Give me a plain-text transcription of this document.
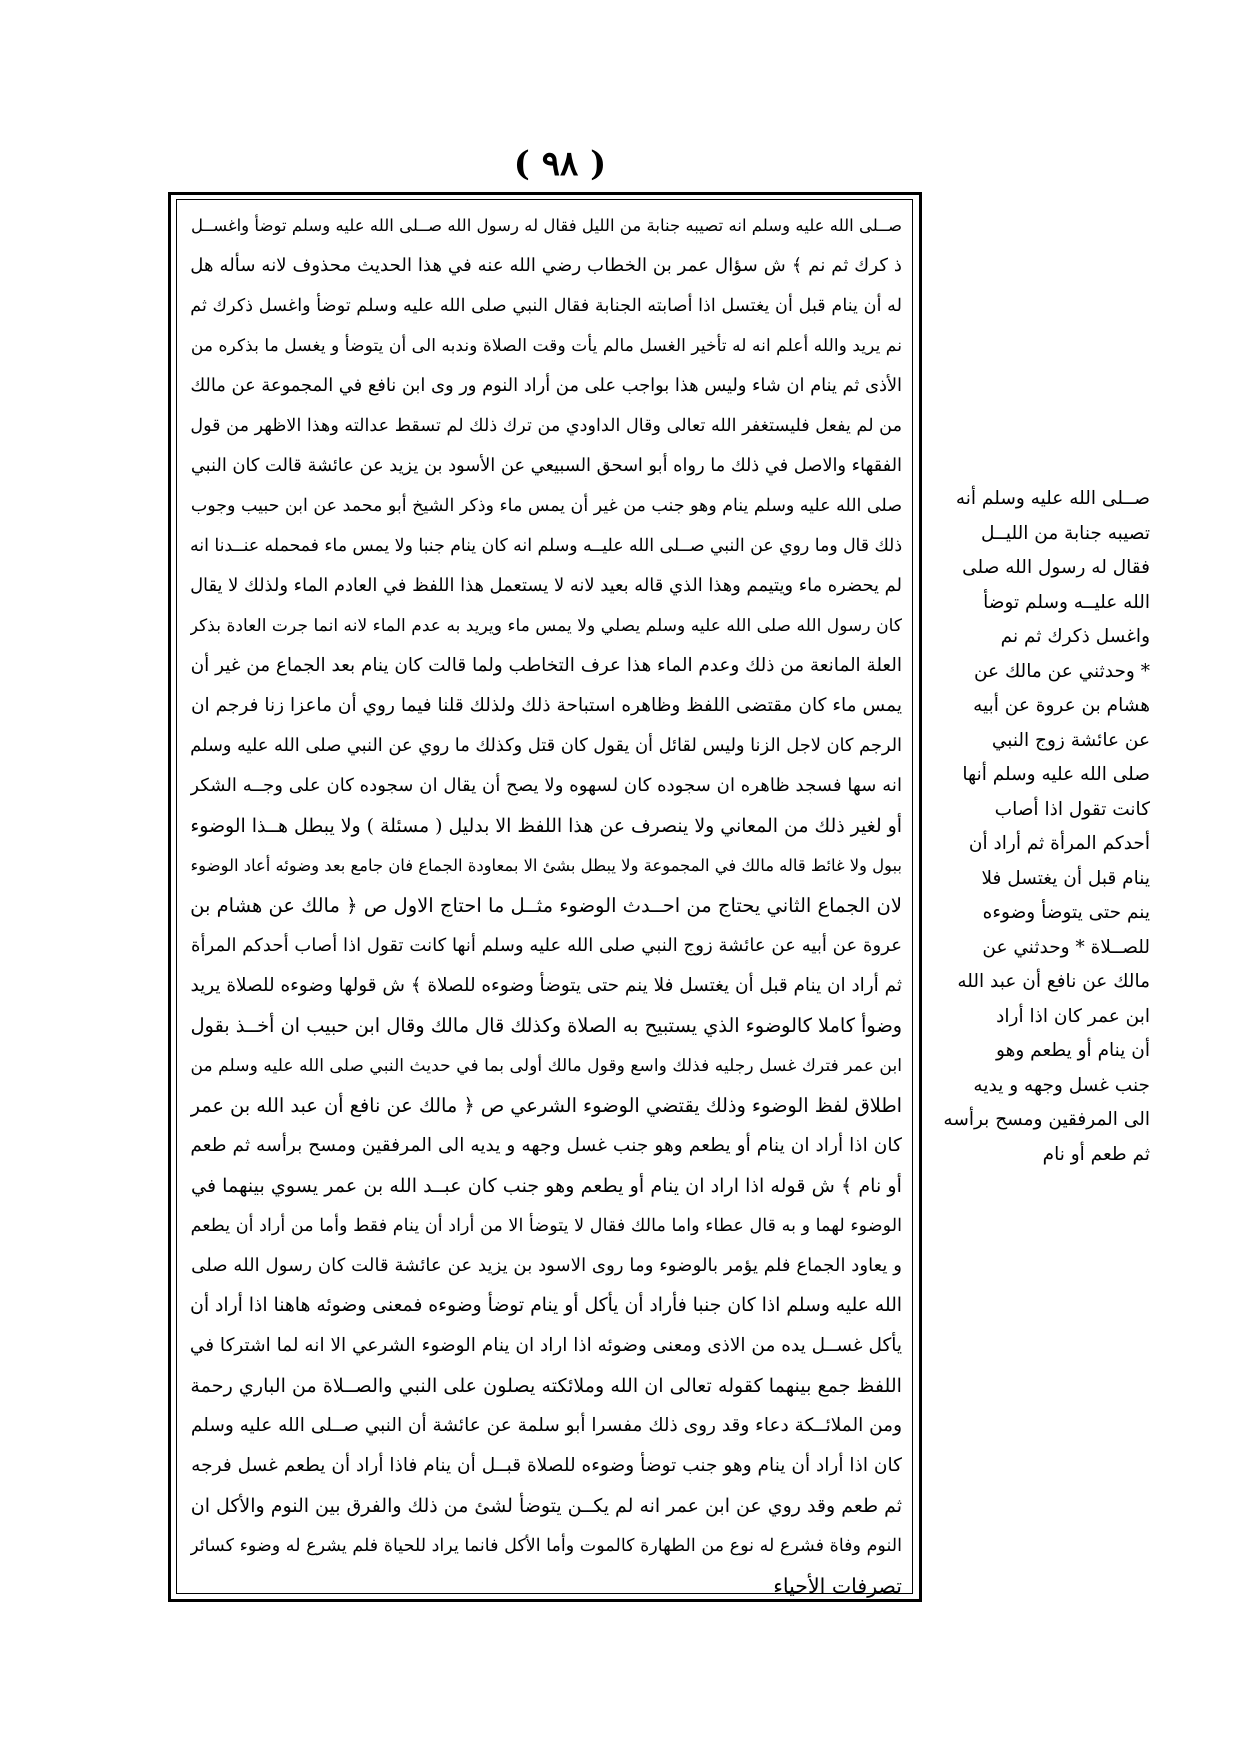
( ٩٨ )
صــلى الله عليه وسلم انه تصيبه جنابة من الليل فقال له رسول الله صــلى الله عليه وسلم توضأ واغســل
ذ كرك ثم نم ﴾ ش سؤال عمر بن الخطاب رضي الله عنه في هذا الحديث محذوف لانه سأله هل
له أن ينام قبل أن يغتسل اذا أصابته الجنابة فقال النبي صلى الله عليه وسلم توضأ واغسل ذكرك ثم
نم يريد والله أعلم انه له تأخير الغسل مالم يأت وقت الصلاة وندبه الى أن يتوضأ و يغسل ما بذكره من
الأذى ثم ينام ان شاء وليس هذا بواجب على من أراد النوم ور وى ابن نافع في المجموعة عن مالك
من لم يفعل فليستغفر الله تعالى وقال الداودي من ترك ذلك لم تسقط عدالته وهذا الاظهر من قول
الفقهاء والاصل في ذلك ما رواه أبو اسحق السبيعي عن الأسود بن يزيد عن عائشة قالت كان النبي
صلى الله عليه وسلم ينام وهو جنب من غير أن يمس ماء وذكر الشيخ أبو محمد عن ابن حبيب وجوب
ذلك قال وما روي عن النبي صــلى الله عليــه وسلم انه كان ينام جنبا ولا يمس ماء فمحمله عنــدنا انه
لم يحضره ماء ويتيمم وهذا الذي قاله بعيد لانه لا يستعمل هذا اللفظ في العادم الماء ولذلك لا يقال
كان رسول الله صلى الله عليه وسلم يصلي ولا يمس ماء ويريد به عدم الماء لانه انما جرت العادة بذكر
العلة المانعة من ذلك وعدم الماء هذا عرف التخاطب ولما قالت كان ينام بعد الجماع من غير أن
يمس ماء كان مقتضى اللفظ وظاهره استباحة ذلك ولذلك قلنا فيما روي أن ماعزا زنا فرجم ان
الرجم كان لاجل الزنا وليس لقائل أن يقول كان قتل وكذلك ما روي عن النبي صلى الله عليه وسلم
انه سها فسجد ظاهره ان سجوده كان لسهوه ولا يصح أن يقال ان سجوده كان على وجــه الشكر
أو لغير ذلك من المعاني ولا ينصرف عن هذا اللفظ الا بدليل ( مسئلة ) ولا يبطل هــذا الوضوء
ببول ولا غائط قاله مالك في المجموعة ولا يبطل بشئ الا بمعاودة الجماع فان جامع بعد وضوئه أعاد الوضوء
لان الجماع الثاني يحتاج من احــدث الوضوء مثــل ما احتاج الاول ص ﴿ مالك عن هشام بن
عروة عن أبيه عن عائشة زوج النبي صلى الله عليه وسلم أنها كانت تقول اذا أصاب أحدكم المرأة
ثم أراد ان ينام قبل أن يغتسل فلا ينم حتى يتوضأ وضوءه للصلاة ﴾ ش قولها وضوءه للصلاة يريد
وضوأ كاملا كالوضوء الذي يستبيح به الصلاة وكذلك قال مالك وقال ابن حبيب ان أخــذ بقول
ابن عمر فترك غسل رجليه فذلك واسع وقول مالك أولى بما في حديث النبي صلى الله عليه وسلم من
اطلاق لفظ الوضوء وذلك يقتضي الوضوء الشرعي ص ﴿ مالك عن نافع أن عبد الله بن عمر
كان اذا أراد ان ينام أو يطعم وهو جنب غسل وجهه و يديه الى المرفقين ومسح برأسه ثم طعم
أو نام ﴾ ش قوله اذا اراد ان ينام أو يطعم وهو جنب كان عبــد الله بن عمر يسوي بينهما في
الوضوء لهما و به قال عطاء واما مالك فقال لا يتوضأ الا من أراد أن ينام فقط وأما من أراد أن يطعم
و يعاود الجماع فلم يؤمر بالوضوء وما روى الاسود بن يزيد عن عائشة قالت كان رسول الله صلى
الله عليه وسلم اذا كان جنبا فأراد أن يأكل أو ينام توضأ وضوءه فمعنى وضوئه هاهنا اذا أراد أن
يأكل غســل يده من الاذى ومعنى وضوئه اذا اراد ان ينام الوضوء الشرعي الا انه لما اشتركا في
اللفظ جمع بينهما كقوله تعالى ان الله وملائكته يصلون على النبي والصــلاة من الباري رحمة
ومن الملائــكة دعاء وقد روى ذلك مفسرا أبو سلمة عن عائشة أن النبي صــلى الله عليه وسلم
كان اذا أراد أن ينام وهو جنب توضأ وضوءه للصلاة قبــل أن ينام فاذا أراد أن يطعم غسل فرجه
ثم طعم وقد روي عن ابن عمر انه لم يكــن يتوضأ لشئ من ذلك والفرق بين النوم والأكل ان
النوم وفاة فشرع له نوع من الطهارة كالموت وأما الأكل فانما يراد للحياة فلم يشرع له وضوء كسائر
تصرفات الأحياء
صــلى الله عليه وسلم أنه
تصيبه جنابة من الليــل
فقال له رسول الله صلى
الله عليــه وسلم توضأ
واغسل ذكرك ثم نم
* وحدثني عن مالك عن
هشام بن عروة عن أبيه
عن عائشة زوج النبي
صلى الله عليه وسلم أنها
كانت تقول اذا أصاب
أحدكم المرأة ثم أراد أن
ينام قبل أن يغتسل فلا
ينم حتى يتوضأ وضوءه
للصــلاة * وحدثني عن
مالك عن نافع أن عبد الله
ابن عمر كان اذا أراد
أن ينام أو يطعم وهو
جنب غسل وجهه و يديه
الى المرفقين ومسح برأسه
ثم طعم أو نام
